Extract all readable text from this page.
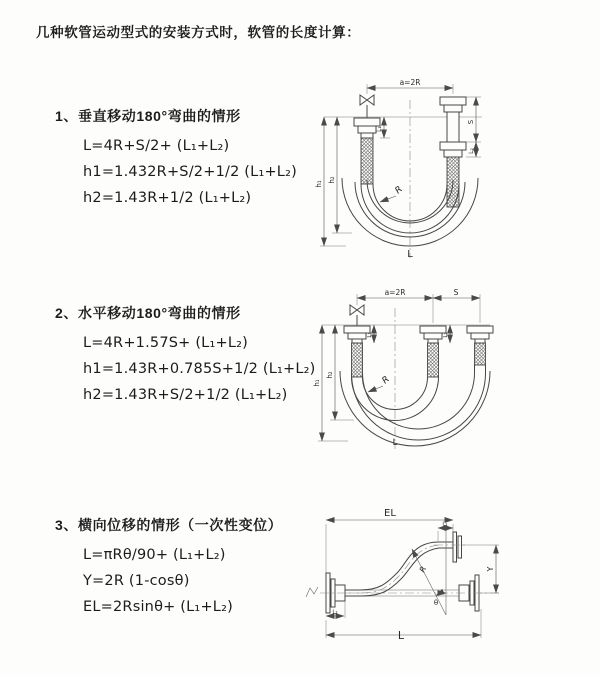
几种软管运动型式的安装方式时，软管的长度计算：
1、垂直移动180°弯曲的情形
L=4R+S/2+ (L₁+L₂)
h1=1.432R+S/2+1/2 (L₁+L₂)
h2=1.43R+1/2 (L₁+L₂)
2、水平移动180°弯曲的情形
L=4R+1.57S+ (L₁+L₂)
h1=1.43R+0.785S+1/2 (L₁+L₂)
h2=1.43R+S/2+1/2 (L₁+L₂)
3、横向位移的情形（一次性变位）
L=πRθ/90+ (L₁+L₂)
Y=2R (1-cosθ)
EL=2Rsinθ+ (L₁+L₂)
a=2R
R
L
h₁
h₂
L₁
S
L₂
a=2R	S
R
L
h₁
h₂
L₁	L₂
EL
L₁
R
θ
Y
L₂
L
